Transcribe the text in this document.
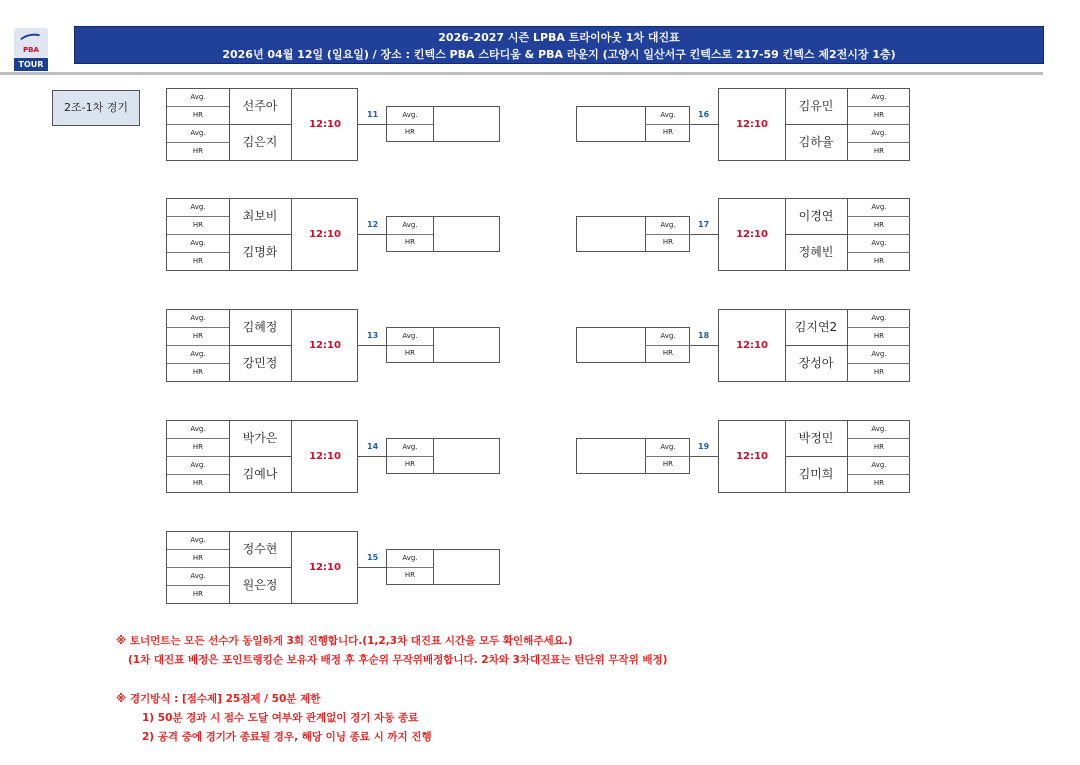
PBA
TOUR
2026-2027 시즌 LPBA 트라이아웃 1차 대진표
2026년 04월 12일 (일요일) / 장소 : 킨텍스 PBA 스타디움 & PBA 라운지 (고양시 일산서구 킨텍스로 217-59 킨텍스 제2전시장 1층)
2조-1차 경기
Avg.
HR
Avg.
HR
선주아
김은지
12:10
11	Avg.
HR
Avg.
HR
Avg.
HR
최보비
김명화
12:10
12	Avg.
HR
Avg.
HR
Avg.
HR
김혜정
강민정
12:10
13	Avg.
HR
Avg.
HR
Avg.
HR
박가은
김예나
12:10
14	Avg.
HR
Avg.
HR
Avg.
HR
정수현
원은정
12:10
15	Avg.
HR
12:10
김유민
김하율
Avg.
HR
Avg.
HR
16
Avg.
HR
12:10
이경연
정혜빈
Avg.
HR
Avg.
HR
17
Avg.
HR
12:10
김지연2
장성아
Avg.
HR
Avg.
HR
18
Avg.
HR
12:10
박정민
김미희
Avg.
HR
Avg.
HR
19
Avg.
HR
※ 토너먼트는 모든 선수가 동일하게 3회 진행합니다.(1,2,3차 대진표 시간을 모두 확인해주세요.)
(1차 대진표 배정은 포인트랭킹순 보유자 배정 후 후순위 무작위배정합니다. 2차와 3차대진표는 턴단위 무작위 배정)
※ 경기방식 : [점수제] 25점제 / 50분 제한
1) 50분 경과 시 점수 도달 여부와 관계없이 경기 자동 종료
2) 공격 중에 경기가 종료될 경우, 해당 이닝 종료 시 까지 진행
